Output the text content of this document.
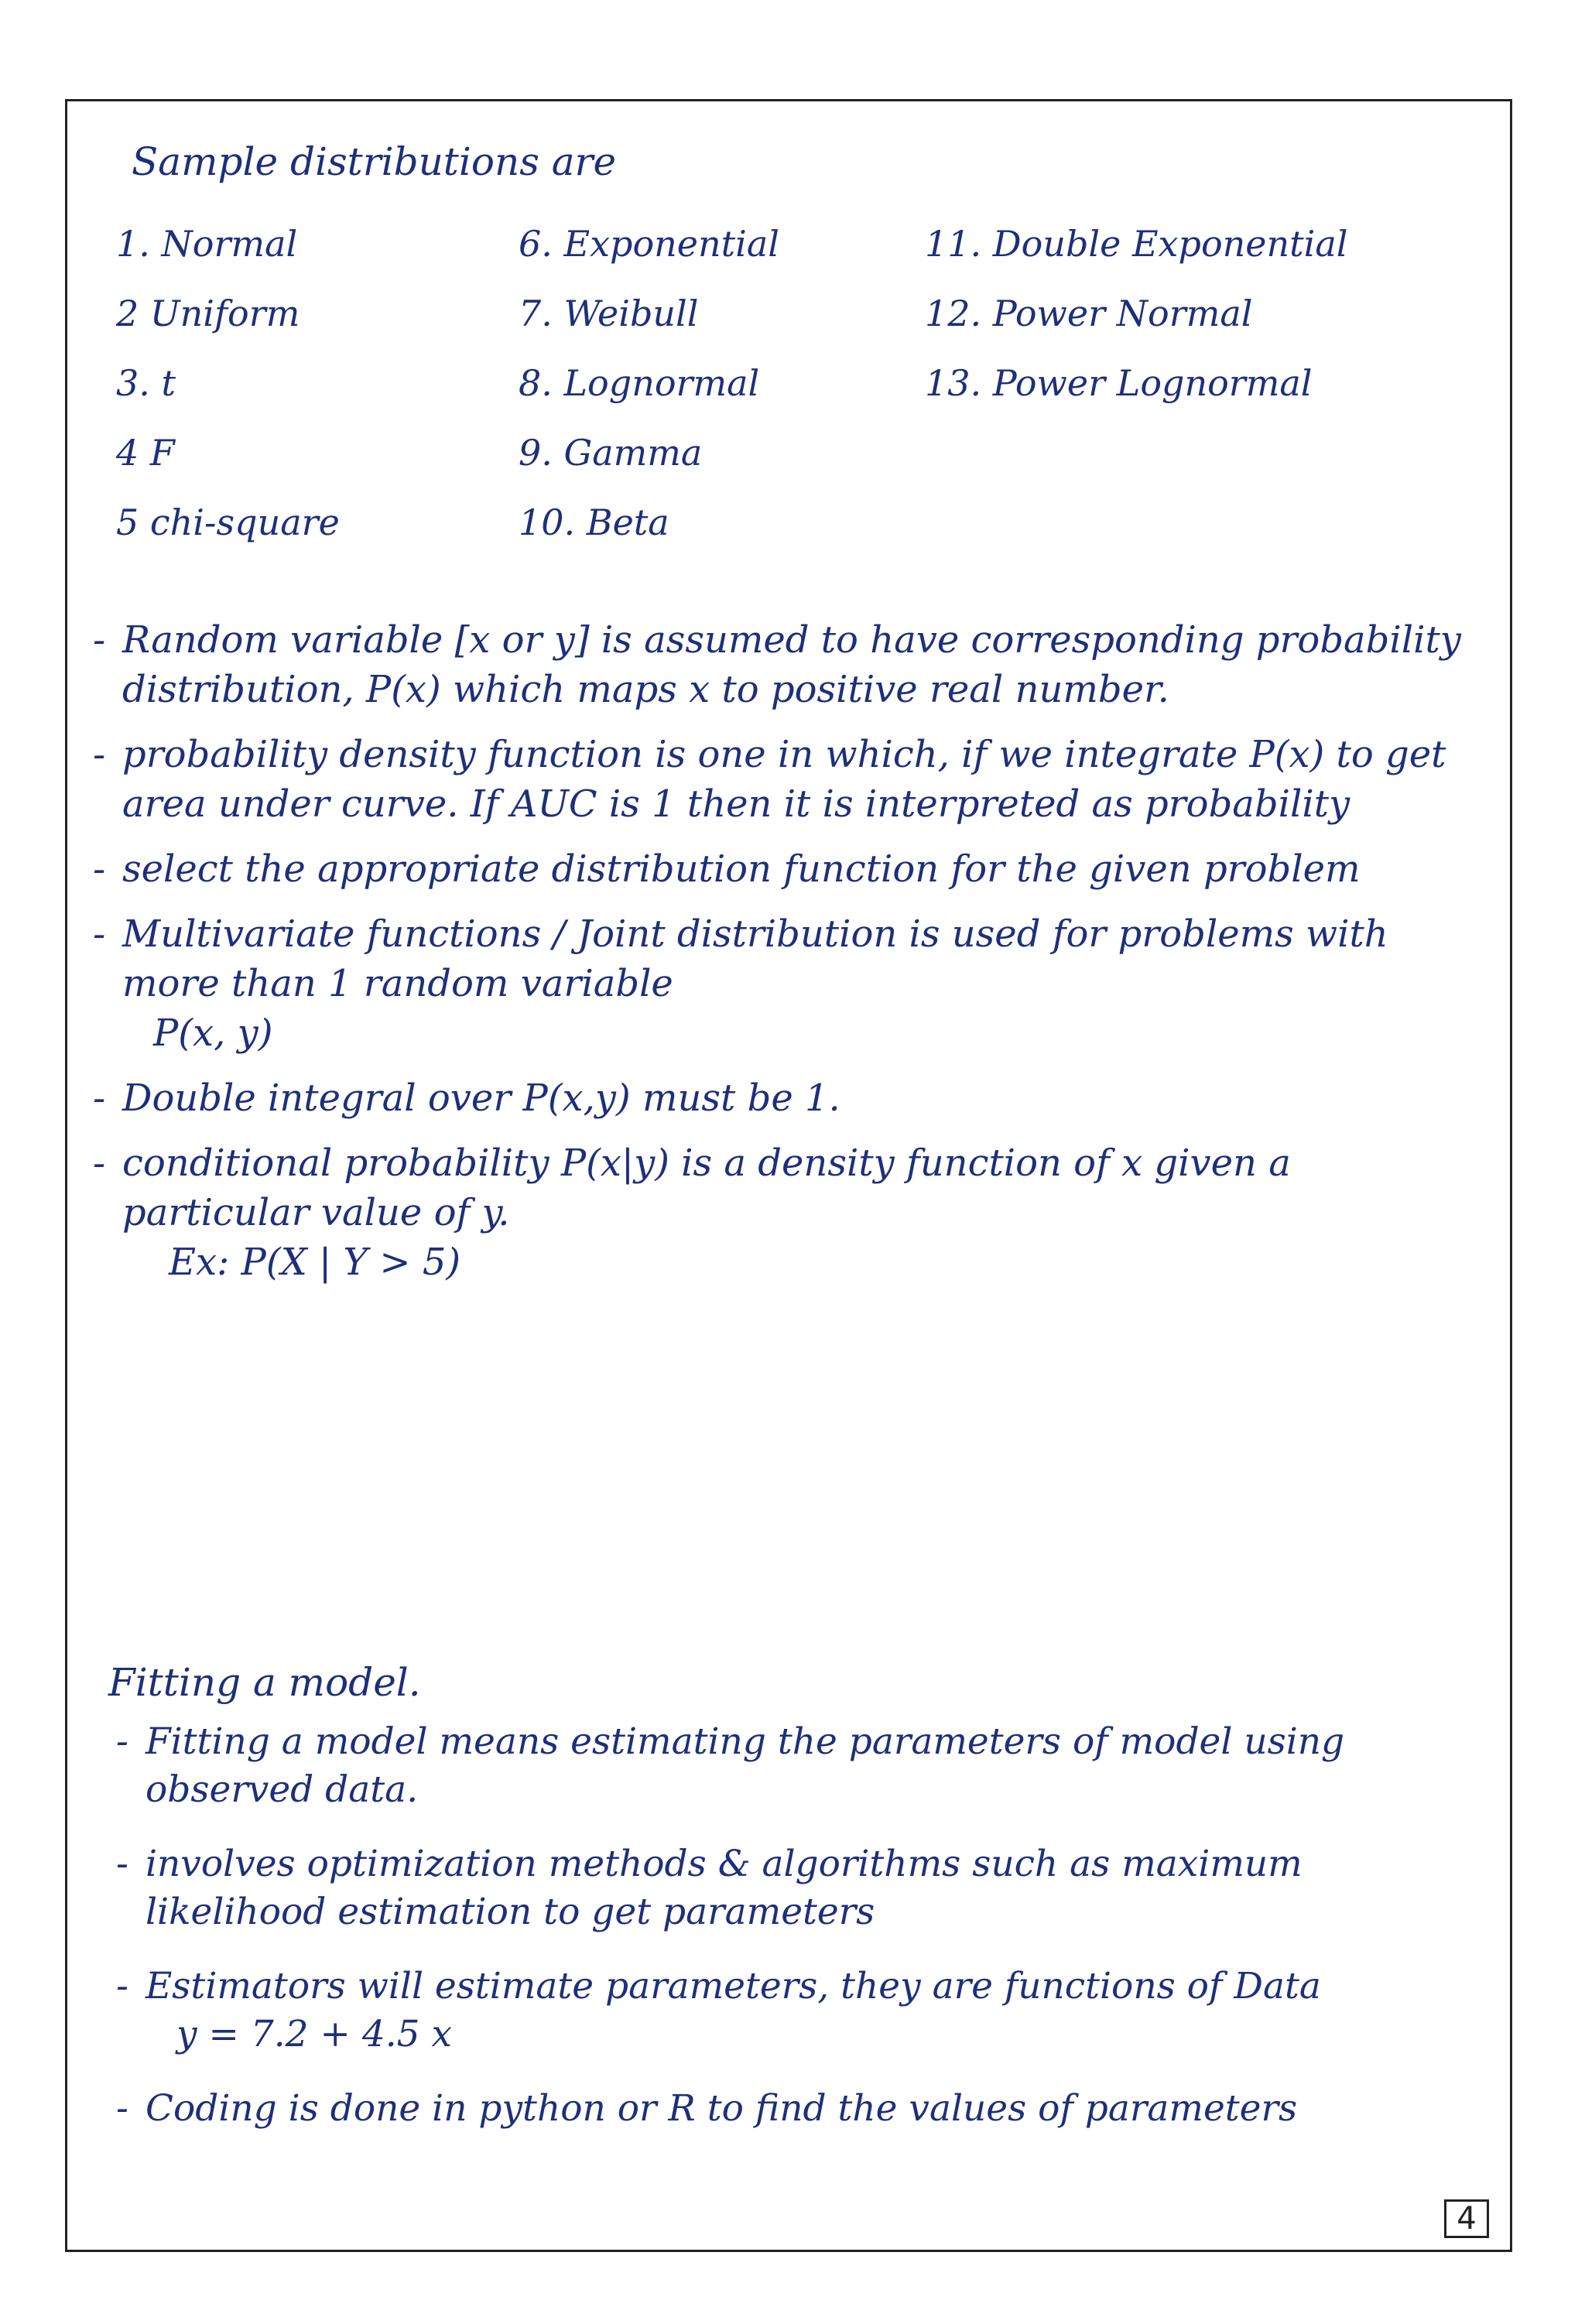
Sample distributions are
1. Normal
2 Uniform
3. t
4 F
5 chi-square
6. Exponential
7. Weibull
8. Lognormal
9. Gamma
10. Beta
11. Double Exponential
12. Power Normal
13. Power Lognormal
- Random variable [x or y] is assumed to have corresponding probability distribution, P(x) which maps x to positive real number.
- probability density function is one in which, if we integrate P(x) to get area under curve. If AUC is 1 then it is interpreted as probability
- select the appropriate distribution function for the given problem
- Multivariate functions / Joint distribution is used for problems with more than 1 random variable
P(x, y)
- Double integral over P(x,y) must be 1.
- conditional probability P(x|y) is a density function of x given a particular value of y.
Ex: P(X | Y > 5)
Fitting a model.
- Fitting a model means estimating the parameters of model using observed data.
- involves optimization methods & algorithms such as maximum likelihood estimation to get parameters
- Estimators will estimate parameters, they are functions of Data
y = 7.2 + 4.5 x
- Coding is done in python or R to find the values of parameters
4
